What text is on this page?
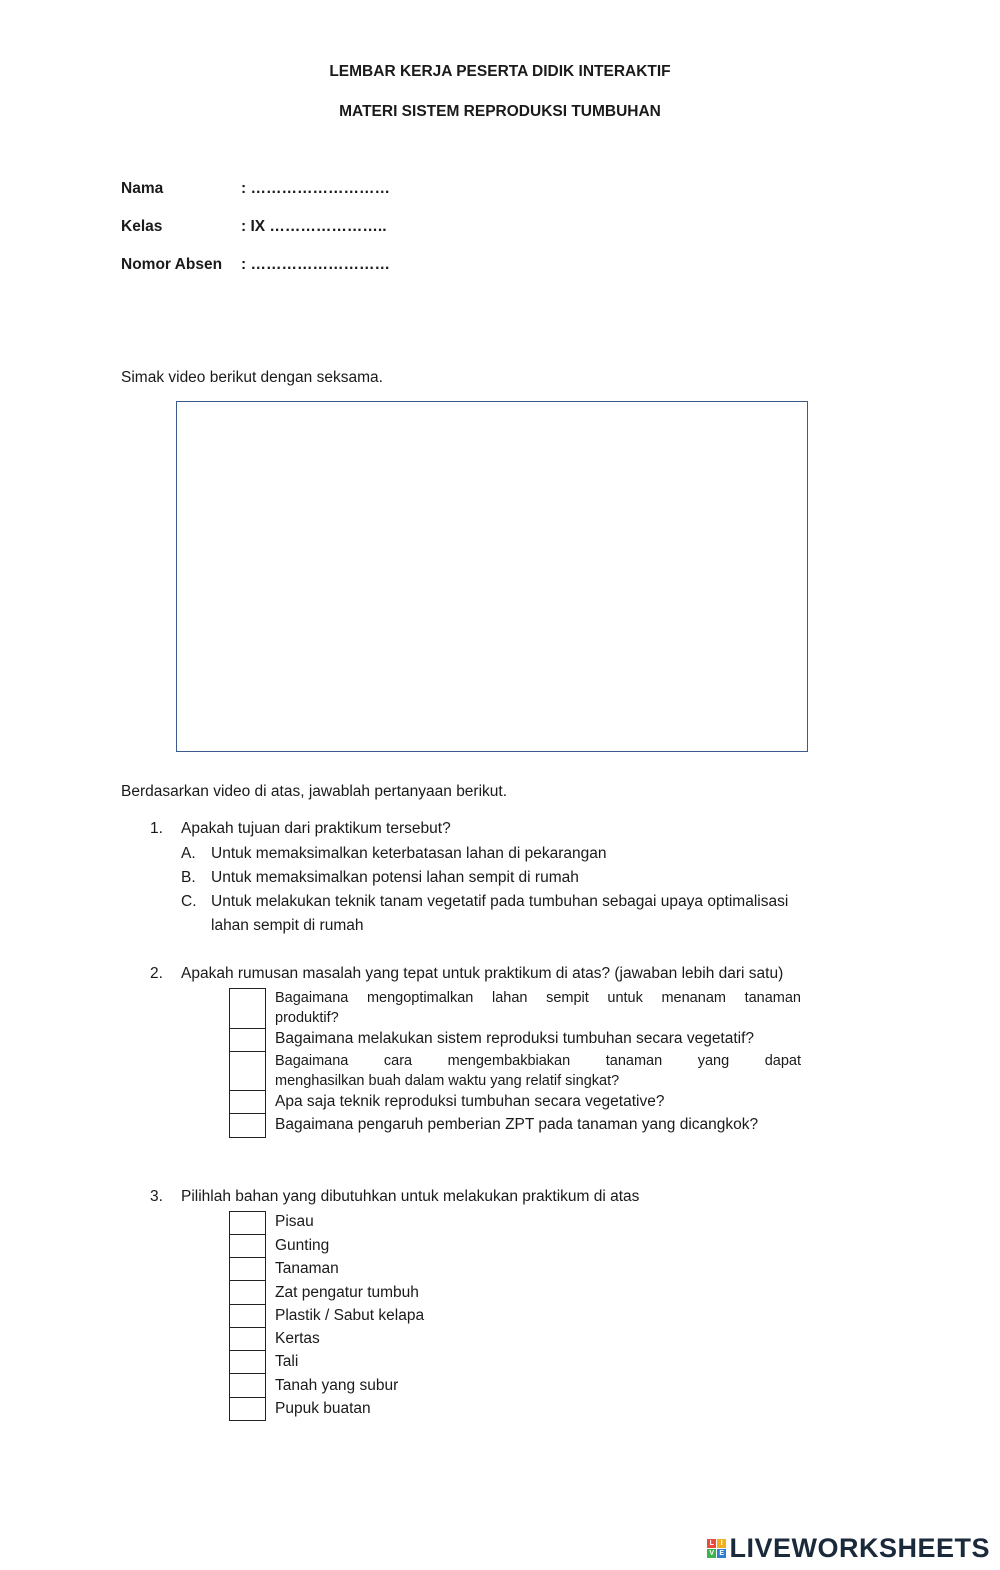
LEMBAR KERJA PESERTA DIDIK INTERAKTIF
MATERI SISTEM REPRODUKSI TUMBUHAN
Nama	: ………………………
Kelas	: IX …………………..
Nomor Absen : ………………………
Simak video berikut dengan seksama.
Berdasarkan video di atas, jawablah pertanyaan berikut.
1. Apakah tujuan dari praktikum tersebut?
A. Untuk memaksimalkan keterbatasan lahan di pekarangan
B. Untuk memaksimalkan potensi lahan sempit di rumah
C. Untuk melakukan teknik tanam vegetatif pada tumbuhan sebagai upaya optimalisasi
lahan sempit di rumah
2. Apakah rumusan masalah yang tepat untuk praktikum di atas? (jawaban lebih dari satu)
Bagaimana mengoptimalkan lahan sempit untuk menanam tanaman
produktif?
Bagaimana melakukan sistem reproduksi tumbuhan secara vegetatif?
Bagaimana cara mengembakbiakan tanaman yang dapat
menghasilkan buah dalam waktu yang relatif singkat?
Apa saja teknik reproduksi tumbuhan secara vegetative?
Bagaimana pengaruh pemberian ZPT pada tanaman yang dicangkok?
3. Pilihlah bahan yang dibutuhkan untuk melakukan praktikum di atas
Pisau
Gunting
Tanaman
Zat pengatur tumbuh
Plastik / Sabut kelapa
Kertas
Tali
Tanah yang subur
Pupuk buatan
L I
V E LIVEWORKSHEETS
